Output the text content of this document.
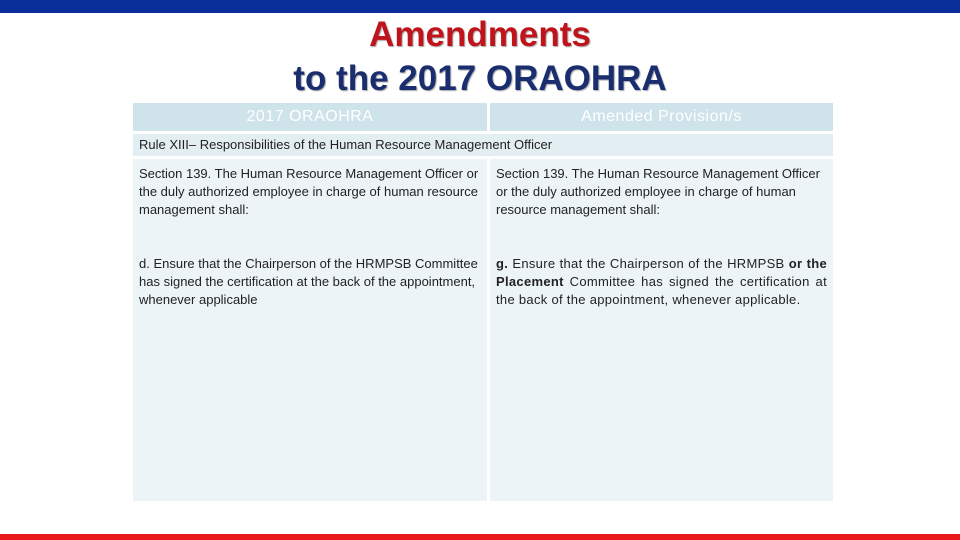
Amendments
to the 2017 ORAOHRA
2017 ORAOHRA	Amended Provision/s
Rule XIII– Responsibilities of the Human Resource Management Officer
Section 139. The Human Resource Management Officer or the duly authorized employee in charge of human resource management shall:
d. Ensure that the Chairperson of the HRMPSB Committee has signed the certification at the back of the appointment, whenever applicable
Section 139. The Human Resource Management Officer or the duly authorized employee in charge of human resource management shall:
g. Ensure that the Chairperson of the HRMPSB or the Placement Committee has signed the certification at the back of the appointment, whenever applicable.
